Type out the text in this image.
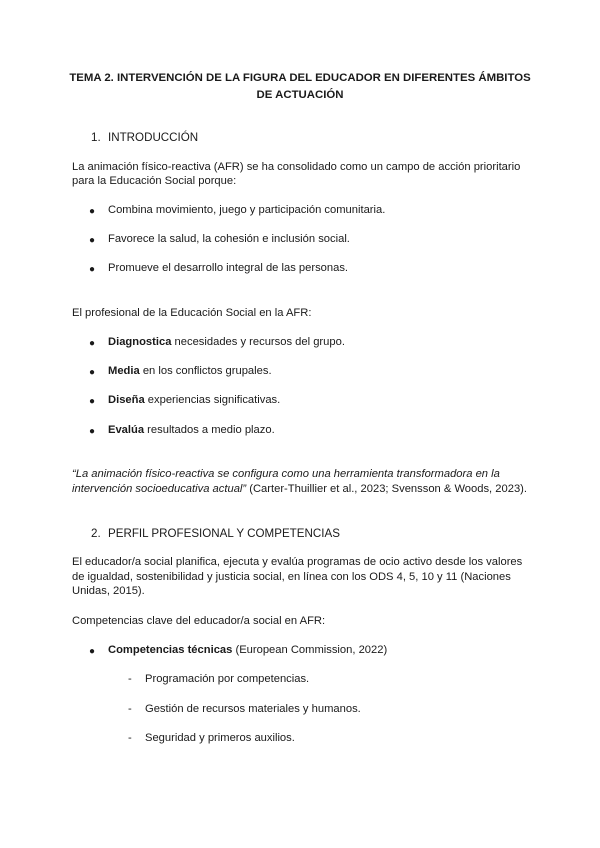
TEMA 2. INTERVENCIÓN DE LA FIGURA DEL EDUCADOR EN DIFERENTES ÁMBITOS
DE ACTUACIÓN
1. INTRODUCCIÓN
La animación físico-reactiva (AFR) se ha consolidado como un campo de acción prioritario
para la Educación Social porque:
● Combina movimiento, juego y participación comunitaria.
● Favorece la salud, la cohesión e inclusión social.
● Promueve el desarrollo integral de las personas.
El profesional de la Educación Social en la AFR:
● Diagnostica necesidades y recursos del grupo.
● Media en los conflictos grupales.
● Diseña experiencias significativas.
● Evalúa resultados a medio plazo.
“La animación físico-reactiva se configura como una herramienta transformadora en la
intervención socioeducativa actual” (Carter-Thuillier et al., 2023; Svensson & Woods, 2023).
2. PERFIL PROFESIONAL Y COMPETENCIAS
El educador/a social planifica, ejecuta y evalúa programas de ocio activo desde los valores
de igualdad, sostenibilidad y justicia social, en línea con los ODS 4, 5, 10 y 11 (Naciones
Unidas, 2015).
Competencias clave del educador/a social en AFR:
● Competencias técnicas (European Commission, 2022)
- Programación por competencias.
- Gestión de recursos materiales y humanos.
- Seguridad y primeros auxilios.
